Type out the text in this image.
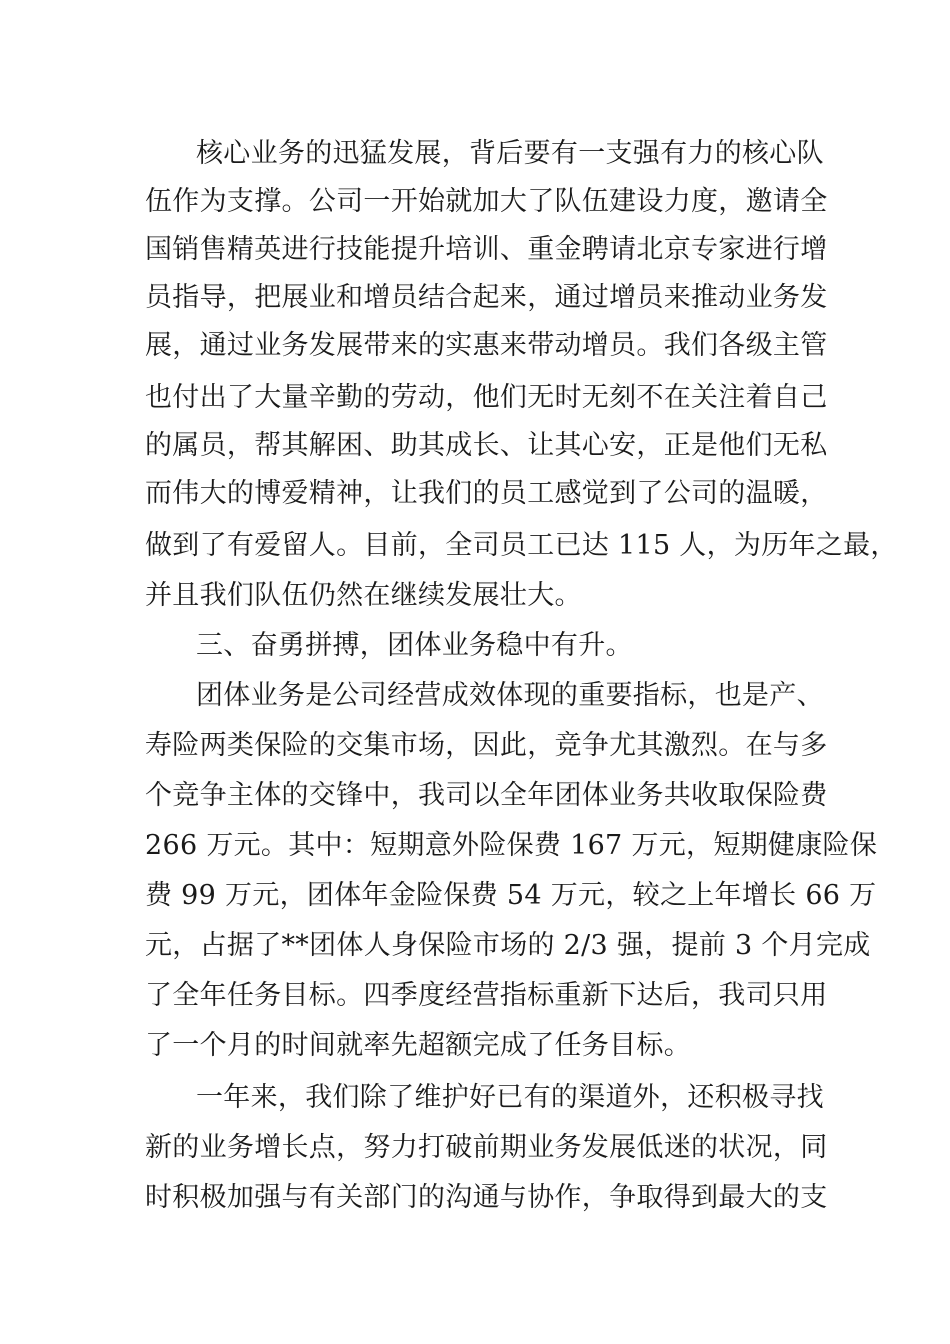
核心业务的迅猛发展，背后要有一支强有力的核心队
伍作为支撑。公司一开始就加大了队伍建设力度，邀请全
国销售精英进行技能提升培训、重金聘请北京专家进行增
员指导，把展业和增员结合起来，通过增员来推动业务发
展，通过业务发展带来的实惠来带动增员。我们各级主管
也付出了大量辛勤的劳动，他们无时无刻不在关注着自己
的属员，帮其解困、助其成长、让其心安，正是他们无私
而伟大的博爱精神，让我们的员工感觉到了公司的温暖，
做到了有爱留人。目前，全司员工已达 115 人，为历年之最，
并且我们队伍仍然在继续发展壮大。
三、奋勇拼搏，团体业务稳中有升。
团体业务是公司经营成效体现的重要指标，也是产、
寿险两类保险的交集市场，因此，竞争尤其激烈。在与多
个竞争主体的交锋中，我司以全年团体业务共收取保险费
266 万元。其中：短期意外险保费 167 万元，短期健康险保
费 99 万元，团体年金险保费 54 万元，较之上年增长 66 万
元，占据了**团体人身保险市场的 2/3 强，提前 3 个月完成
了全年任务目标。四季度经营指标重新下达后，我司只用
了一个月的时间就率先超额完成了任务目标。
一年来，我们除了维护好已有的渠道外，还积极寻找
新的业务增长点，努力打破前期业务发展低迷的状况，同
时积极加强与有关部门的沟通与协作，争取得到最大的支
